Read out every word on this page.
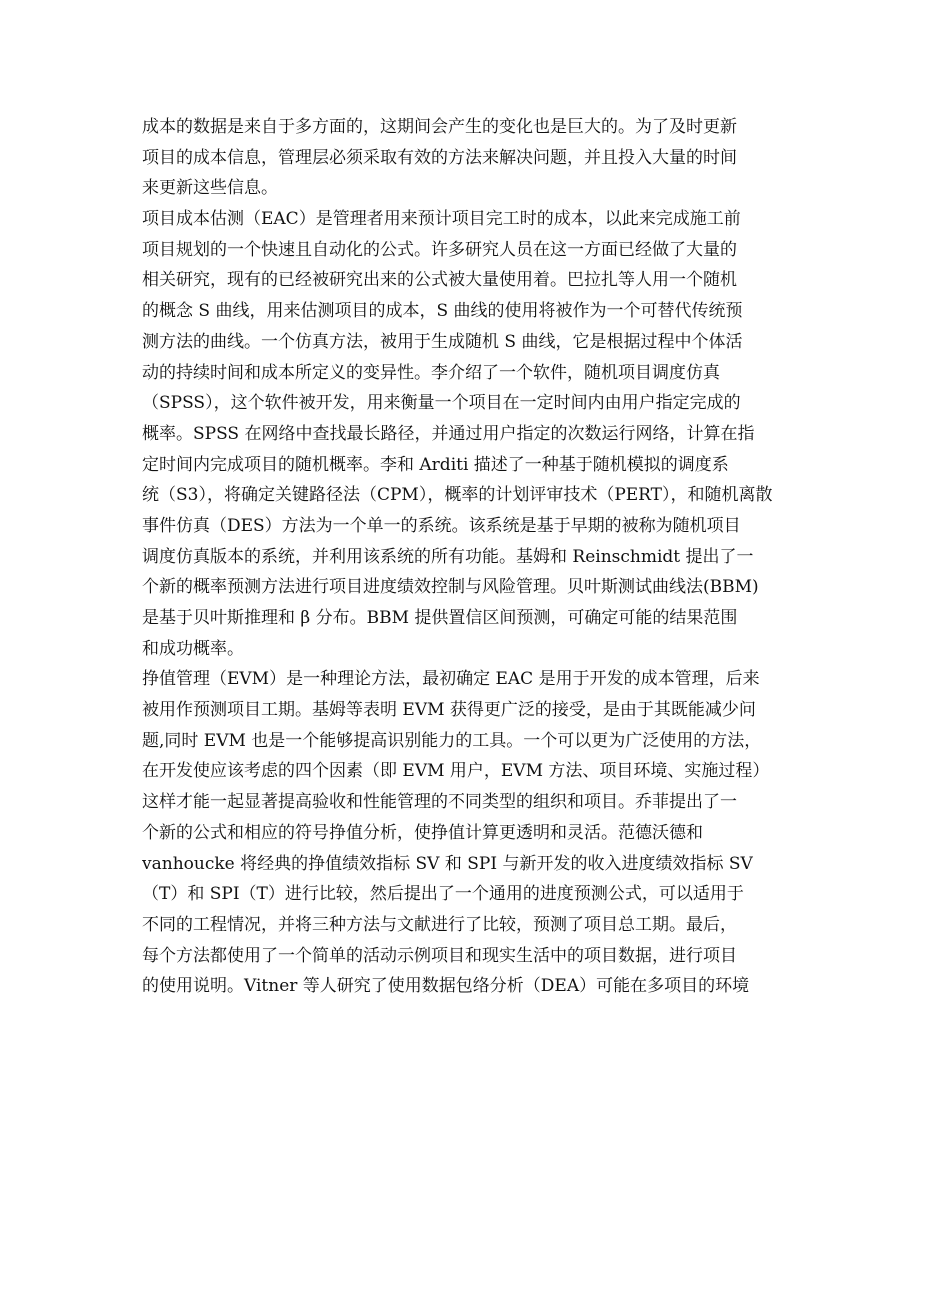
成本的数据是来自于多方面的，这期间会产生的变化也是巨大的。为了及时更新
项目的成本信息，管理层必须采取有效的方法来解决问题，并且投入大量的时间
来更新这些信息。
项目成本估测（EAC）是管理者用来预计项目完工时的成本，以此来完成施工前
项目规划的一个快速且自动化的公式。许多研究人员在这一方面已经做了大量的
相关研究，现有的已经被研究出来的公式被大量使用着。巴拉扎等人用一个随机
的概念 S 曲线，用来估测项目的成本，S 曲线的使用将被作为一个可替代传统预
测方法的曲线。一个仿真方法，被用于生成随机 S 曲线，它是根据过程中个体活
动的持续时间和成本所定义的变异性。李介绍了一个软件，随机项目调度仿真
（SPSS），这个软件被开发，用来衡量一个项目在一定时间内由用户指定完成的
概率。SPSS 在网络中查找最长路径，并通过用户指定的次数运行网络，计算在指
定时间内完成项目的随机概率。李和 Arditi 描述了一种基于随机模拟的调度系
统（S3），将确定关键路径法（CPM），概率的计划评审技术（PERT），和随机离散
事件仿真（DES）方法为一个单一的系统。该系统是基于早期的被称为随机项目
调度仿真版本的系统，并利用该系统的所有功能。基姆和 Reinschmidt 提出了一
个新的概率预测方法进行项目进度绩效控制与风险管理。贝叶斯测试曲线法(BBM)
是基于贝叶斯推理和 β 分布。BBM 提供置信区间预测，可确定可能的结果范围
和成功概率。
挣值管理（EVM）是一种理论方法，最初确定 EAC 是用于开发的成本管理，后来
被用作预测项目工期。基姆等表明 EVM 获得更广泛的接受，是由于其既能减少问
题,同时 EVM 也是一个能够提高识别能力的工具。一个可以更为广泛使用的方法，
在开发使应该考虑的四个因素（即 EVM 用户，EVM 方法、项目环境、实施过程）
这样才能一起显著提高验收和性能管理的不同类型的组织和项目。乔菲提出了一
个新的公式和相应的符号挣值分析，使挣值计算更透明和灵活。范德沃德和
vanhoucke 将经典的挣值绩效指标 SV 和 SPI 与新开发的收入进度绩效指标 SV
（T）和 SPI（T）进行比较，然后提出了一个通用的进度预测公式，可以适用于
不同的工程情况，并将三种方法与文献进行了比较，预测了项目总工期。最后，
每个方法都使用了一个简单的活动示例项目和现实生活中的项目数据，进行项目
的使用说明。Vitner 等人研究了使用数据包络分析（DEA）可能在多项目的环境
